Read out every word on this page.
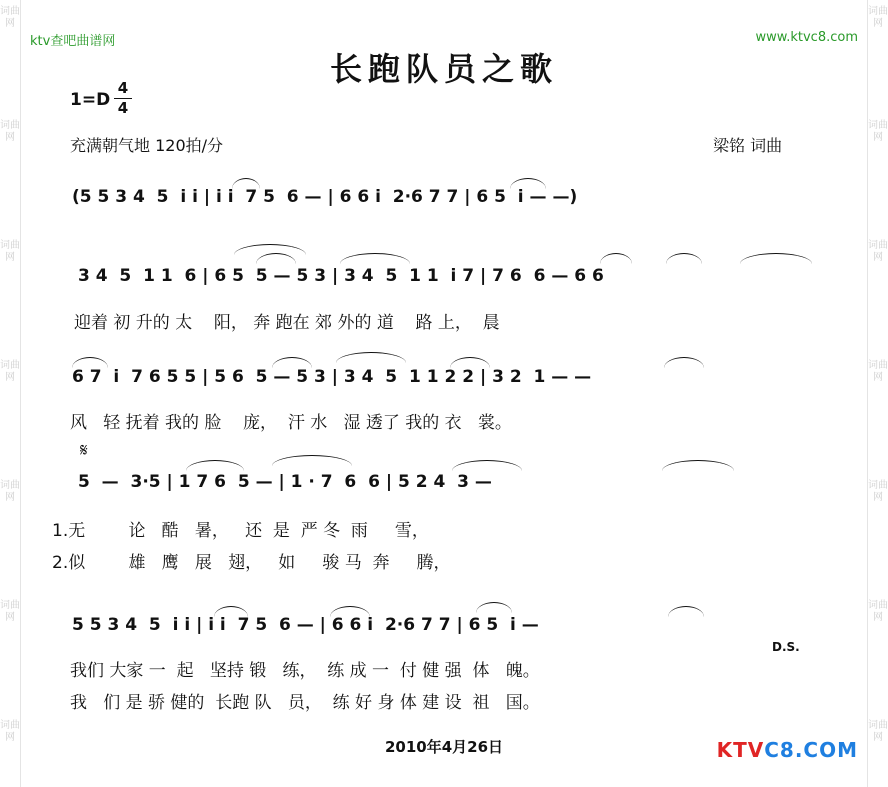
词曲网
词曲网
词曲网
词曲网
词曲网
词曲网
词曲网
词曲网
词曲网
词曲网
词曲网
词曲网
词曲网
词曲网
ktv查吧曲谱网	www.ktvc8.com
长跑队员之歌
1=D
4
4
充满朝气地 120拍/分	梁铭 词曲
(5 5 3 4  5  i i | i i  7 5  6 — | 6 6 i  2·6 7 7 | 6 5  i — —)
3 4  5  1 1  6 | 6 5  5 — 5 3 | 3 4  5  1 1  i 7 | 7 6  6 — 6 6
迎着 初 升的 太    阳， 奔 跑在 郊 外的 道    路 上，  晨
6 7  i  7 6 5 5 | 5 6  5 — 5 3 | 3 4  5  1 1 2 2 | 3 2  1 — —
风   轻 抚着 我的 脸    庞，  汗 水   湿 透了 我的 衣   裳。
𝄋
5  —  3·5 | 1 7 6  5 — | 1 · 7  6  6 | 5 2 4  3 —
1.无        论   酷   暑，   还  是  严 冬  雨     雪，
2.似        雄   鹰   展   翅，   如     骏 马  奔     腾，
5 5 3 4  5  i i | i i  7 5  6 — | 6 6 i  2·6 7 7 | 6 5  i —
D.S.
我们 大家 一  起   坚持 锻   练，  练 成 一  付 健 强  体   魄。
我   们 是 骄 健的  长跑 队   员，  练 好 身 体 建 设  祖   国。
2010年4月26日	KTVC8.COM
